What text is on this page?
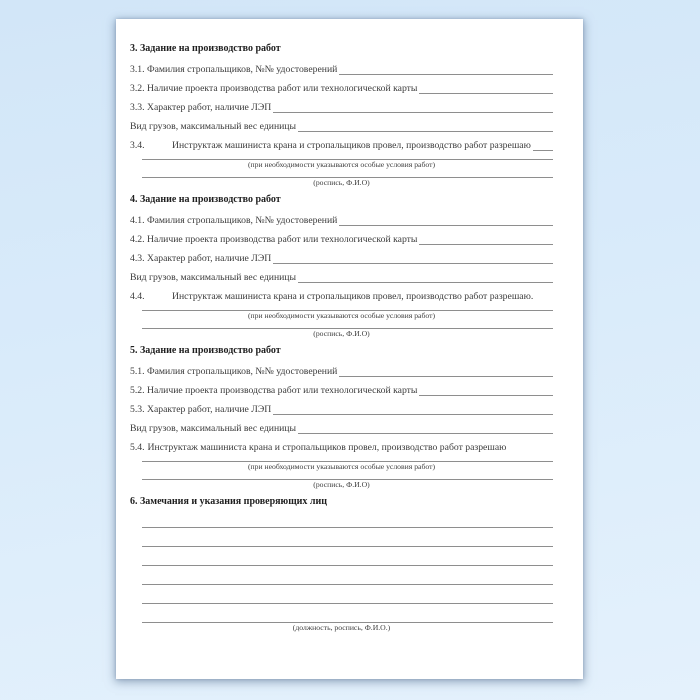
3. Задание на производство работ
3.1. Фамилия стропальщиков, №№ удостоверений
3.2. Наличие проекта производства работ или технологической карты
3.3. Характер работ, наличие ЛЭП
Вид грузов, максимальный вес единицы
3.4.	Инструктаж машиниста крана и стропальщиков провел, производство работ разрешаю
(при необходимости указываются особые условия работ)
(роспись, Ф.И.О)
4. Задание на производство работ
4.1. Фамилия стропальщиков, №№ удостоверений
4.2. Наличие проекта производства работ или технологической карты
4.3. Характер работ, наличие ЛЭП
Вид грузов, максимальный вес единицы
4.4.	Инструктаж машиниста крана и стропальщиков провел, производство работ разрешаю.
(при необходимости указываются особые условия работ)
(роспись, Ф.И.О)
5. Задание на производство работ
5.1. Фамилия стропальщиков, №№ удостоверений
5.2. Наличие проекта производства работ или технологической карты
5.3. Характер работ, наличие ЛЭП
Вид грузов, максимальный вес единицы
5.4. Инструктаж машиниста крана и стропальщиков провел, производство работ разрешаю
(при необходимости указываются особые условия работ)
(роспись, Ф.И.О)
6. Замечания и указания проверяющих лиц
(должность, роспись, Ф.И.О.)
